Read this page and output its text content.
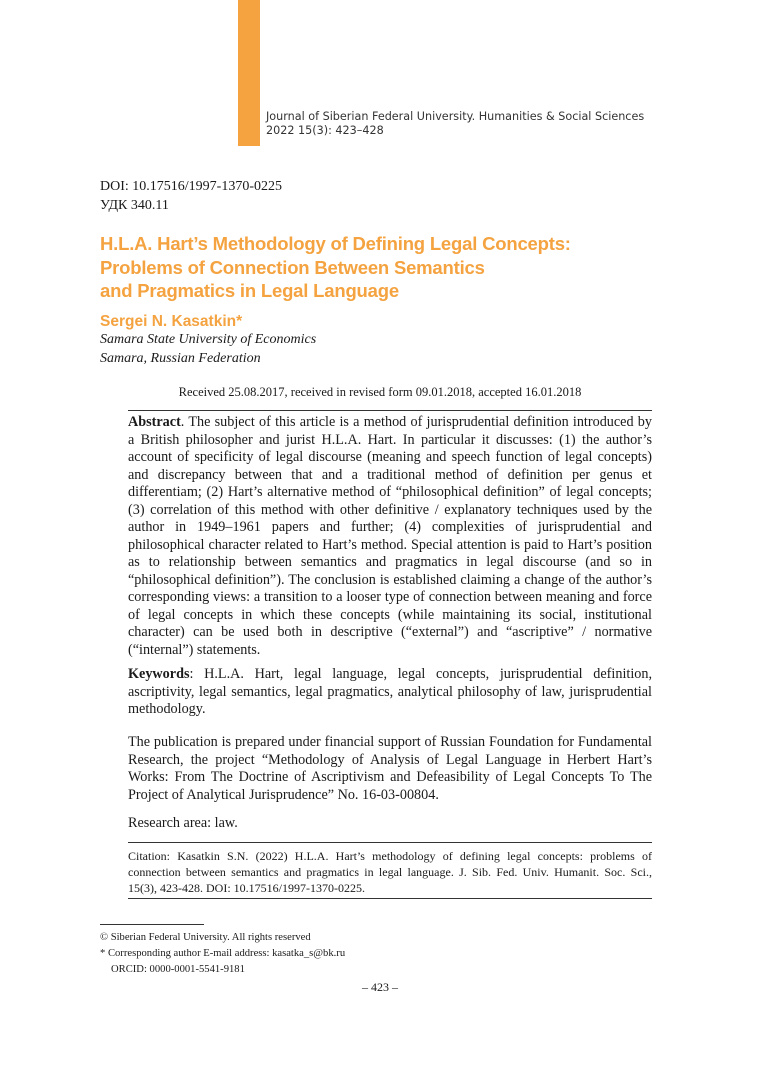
Journal of Siberian Federal University. Humanities & Social Sciences
2022 15(3): 423–428
DOI: 10.17516/1997-1370-0225
УДК 340.11
H.L.A. Hart’s Methodology of Defining Legal Concepts:
Problems of Connection Between Semantics
and Pragmatics in Legal Language
Sergei N. Kasatkin*
Samara State University of Economics
Samara, Russian Federation
Received 25.08.2017, received in revised form 09.01.2018, accepted 16.01.2018
Abstract. The subject of this article is a method of jurisprudential definition introduced by a British philosopher and jurist H.L.A. Hart. In particular it discusses: (1) the author’s account of specificity of legal discourse (meaning and speech function of legal concepts) and discrepancy between that and a traditional method of definition per genus et differentiam; (2) Hart’s alternative method of “philosophical definition” of legal concepts; (3) correlation of this method with other definitive / explanatory techniques used by the author in 1949–1961 papers and further; (4) complexities of jurisprudential and philosophical character related to Hart’s method. Special attention is paid to Hart’s position as to relationship between semantics and pragmatics in legal discourse (and so in “philosophical definition”). The conclusion is established claiming a change of the author’s corresponding views: a transition to a looser type of connection between meaning and force of legal concepts in which these concepts (while maintaining its social, institutional character) can be used both in descriptive (“external”) and “ascriptive” / normative (“internal”) statements.
Keywords: H.L.A. Hart, legal language, legal concepts, jurisprudential definition, ascriptivity, legal semantics, legal pragmatics, analytical philosophy of law, jurisprudential methodology.
The publication is prepared under financial support of Russian Foundation for Fundamental Research, the project “Methodology of Analysis of Legal Language in Herbert Hart’s Works: From The Doctrine of Ascriptivism and Defeasibility of Legal Concepts To The Project of Analytical Jurisprudence” No. 16-03-00804.
Research area: law.
Citation: Kasatkin S.N. (2022) H.L.A. Hart’s methodology of defining legal concepts: problems of connection between semantics and pragmatics in legal language. J. Sib. Fed. Univ. Humanit. Soc. Sci., 15(3), 423-428. DOI: 10.17516/1997-1370-0225.
© Siberian Federal University. All rights reserved
* Corresponding author E-mail address: kasatka_s@bk.ru
ORCID: 0000-0001-5541-9181
– 423 –
